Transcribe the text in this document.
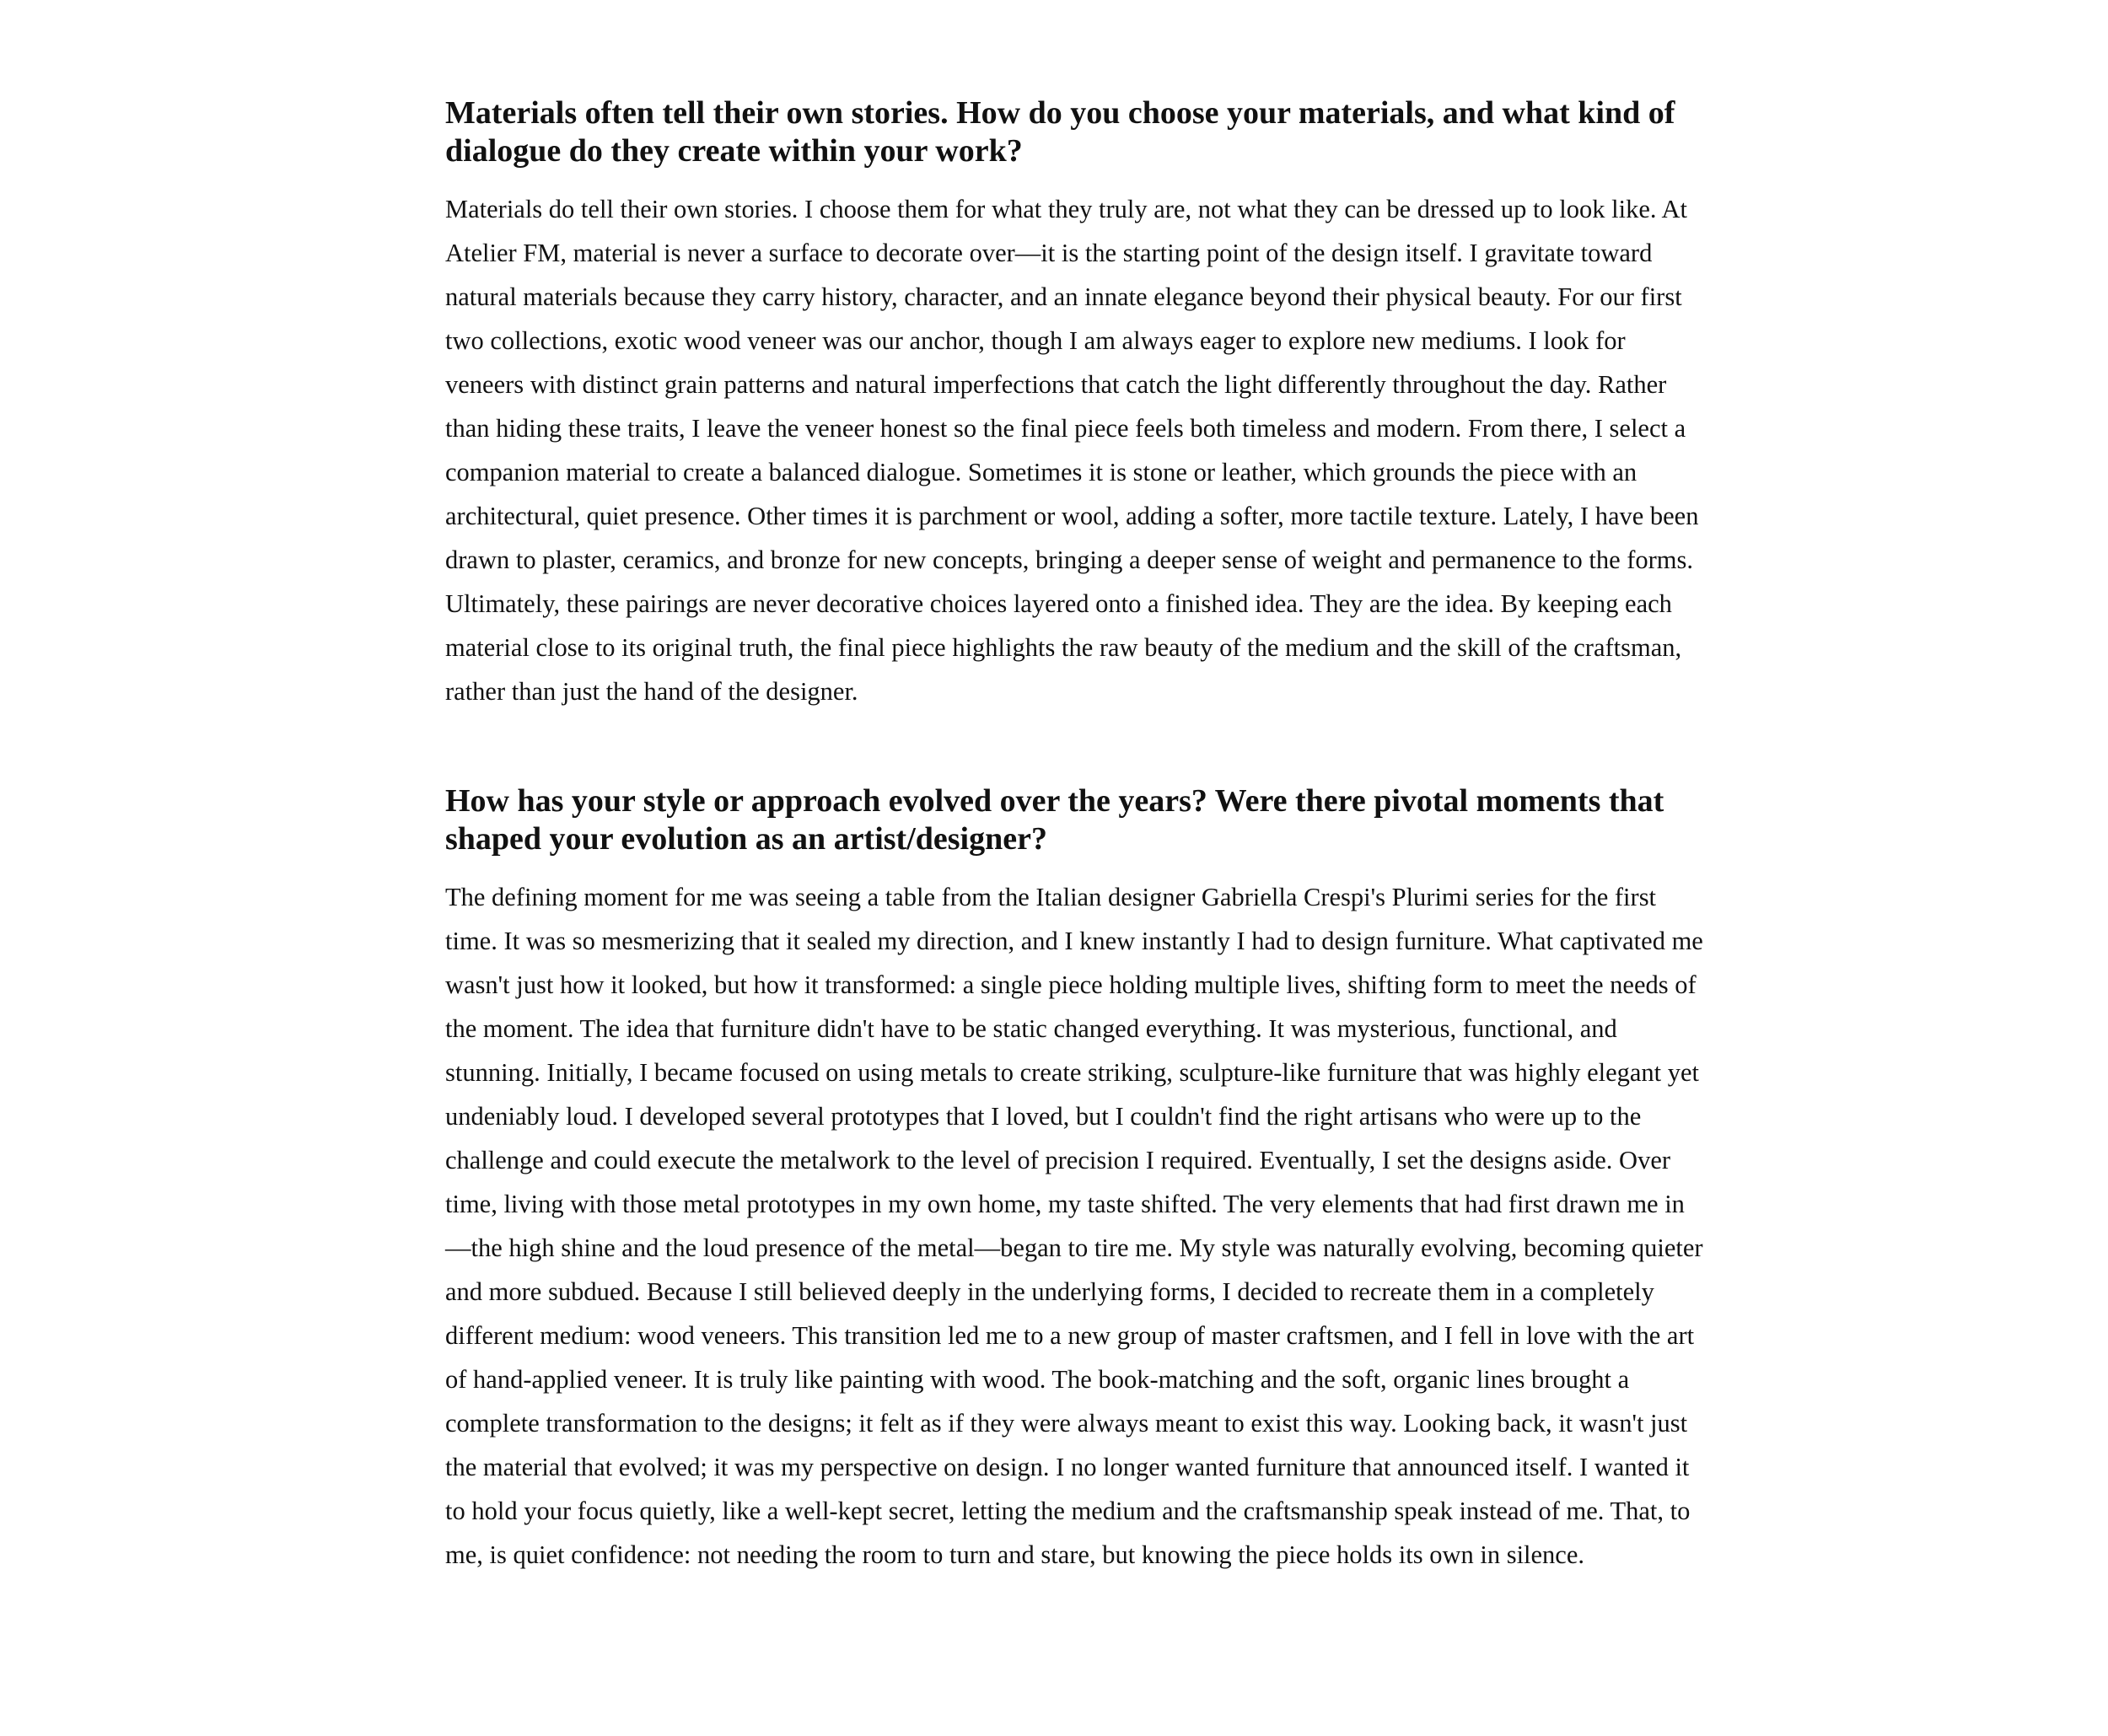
Materials often tell their own stories. How do you choose your materials, and what kind of dialogue do they create within your work?

Materials do tell their own stories. I choose them for what they truly are, not what they can be dressed up to look like. At Atelier FM, material is never a surface to decorate over—it is the starting point of the design itself. I gravitate toward natural materials because they carry history, character, and an innate elegance beyond their physical beauty. For our first two collections, exotic wood veneer was our anchor, though I am always eager to explore new mediums. I look for veneers with distinct grain patterns and natural imperfections that catch the light differently throughout the day. Rather than hiding these traits, I leave the veneer honest so the final piece feels both timeless and modern. From there, I select a companion material to create a balanced dialogue. Sometimes it is stone or leather, which grounds the piece with an architectural, quiet presence. Other times it is parchment or wool, adding a softer, more tactile texture. Lately, I have been drawn to plaster, ceramics, and bronze for new concepts, bringing a deeper sense of weight and permanence to the forms. Ultimately, these pairings are never decorative choices layered onto a finished idea. They are the idea. By keeping each material close to its original truth, the final piece highlights the raw beauty of the medium and the skill of the craftsman, rather than just the hand of the designer.

How has your style or approach evolved over the years? Were there pivotal moments that shaped your evolution as an artist/designer?

The defining moment for me was seeing a table from the Italian designer Gabriella Crespi's Plurimi series for the first time. It was so mesmerizing that it sealed my direction, and I knew instantly I had to design furniture. What captivated me wasn't just how it looked, but how it transformed: a single piece holding multiple lives, shifting form to meet the needs of the moment. The idea that furniture didn't have to be static changed everything. It was mysterious, functional, and stunning. Initially, I became focused on using metals to create striking, sculpture-like furniture that was highly elegant yet undeniably loud. I developed several prototypes that I loved, but I couldn't find the right artisans who were up to the challenge and could execute the metalwork to the level of precision I required. Eventually, I set the designs aside. Over time, living with those metal prototypes in my own home, my taste shifted. The very elements that had first drawn me in—the high shine and the loud presence of the metal—began to tire me. My style was naturally evolving, becoming quieter and more subdued. Because I still believed deeply in the underlying forms, I decided to recreate them in a completely different medium: wood veneers. This transition led me to a new group of master craftsmen, and I fell in love with the art of hand-applied veneer. It is truly like painting with wood. The book-matching and the soft, organic lines brought a complete transformation to the designs; it felt as if they were always meant to exist this way. Looking back, it wasn't just the material that evolved; it was my perspective on design. I no longer wanted furniture that announced itself. I wanted it to hold your focus quietly, like a well-kept secret, letting the medium and the craftsmanship speak instead of me. That, to me, is quiet confidence: not needing the room to turn and stare, but knowing the piece holds its own in silence.
